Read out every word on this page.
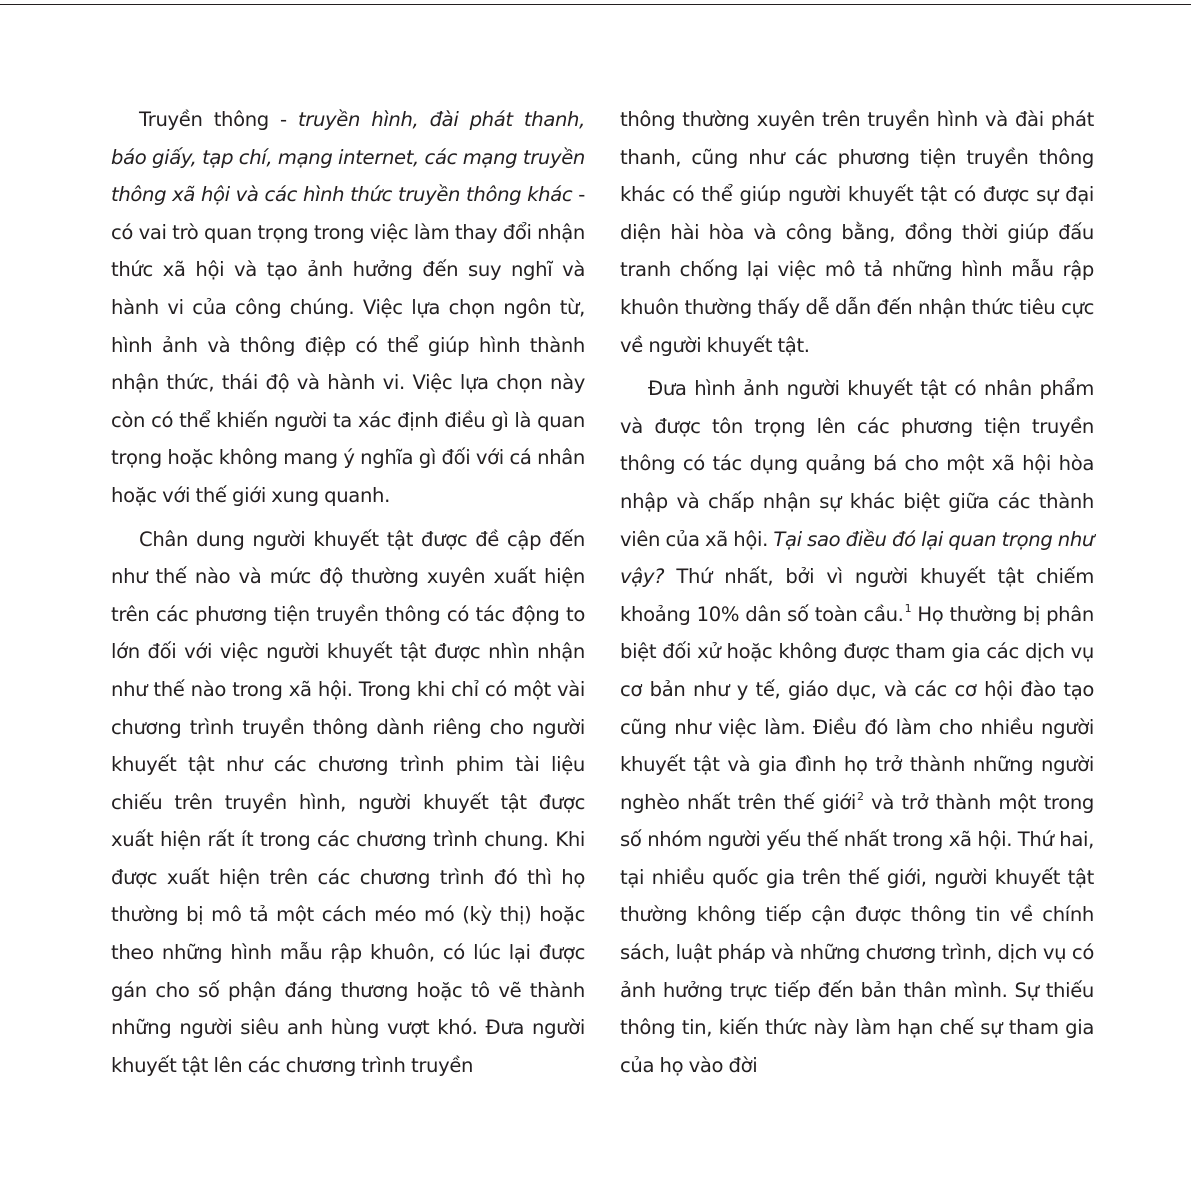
Truyền thông - truyền hình, đài phát thanh, báo giấy, tạp chí, mạng internet, các mạng truyền thông xã hội và các hình thức truyền thông khác - có vai trò quan trọng trong việc làm thay đổi nhận thức xã hội và tạo ảnh hưởng đến suy nghĩ và hành vi của công chúng. Việc lựa chọn ngôn từ, hình ảnh và thông điệp có thể giúp hình thành nhận thức, thái độ và hành vi. Việc lựa chọn này còn có thể khiến người ta xác định điều gì là quan trọng hoặc không mang ý nghĩa gì đối với cá nhân hoặc với thế giới xung quanh.

Chân dung người khuyết tật được đề cập đến như thế nào và mức độ thường xuyên xuất hiện trên các phương tiện truyền thông có tác động to lớn đối với việc người khuyết tật được nhìn nhận như thế nào trong xã hội. Trong khi chỉ có một vài chương trình truyền thông dành riêng cho người khuyết tật như các chương trình phim tài liệu chiếu trên truyền hình, người khuyết tật được xuất hiện rất ít trong các chương trình chung. Khi được xuất hiện trên các chương trình đó thì họ thường bị mô tả một cách méo mó (kỳ thị) hoặc theo những hình mẫu rập khuôn, có lúc lại được gán cho số phận đáng thương hoặc tô vẽ thành những người siêu anh hùng vượt khó. Đưa người khuyết tật lên các chương trình truyền

thông thường xuyên trên truyền hình và đài phát thanh, cũng như các phương tiện truyền thông khác có thể giúp người khuyết tật có được sự đại diện hài hòa và công bằng, đồng thời giúp đấu tranh chống lại việc mô tả những hình mẫu rập khuôn thường thấy dễ dẫn đến nhận thức tiêu cực về người khuyết tật.

Đưa hình ảnh người khuyết tật có nhân phẩm và được tôn trọng lên các phương tiện truyền thông có tác dụng quảng bá cho một xã hội hòa nhập và chấp nhận sự khác biệt giữa các thành viên của xã hội. Tại sao điều đó lại quan trọng như vậy? Thứ nhất, bởi vì người khuyết tật chiếm khoảng 10% dân số toàn cầu.$^1$ Họ thường bị phân biệt đối xử hoặc không được tham gia các dịch vụ cơ bản như y tế, giáo dục, và các cơ hội đào tạo cũng như việc làm. Điều đó làm cho nhiều người khuyết tật và gia đình họ trở thành những người nghèo nhất trên thế giới$^2$ và trở thành một trong số nhóm người yếu thế nhất trong xã hội. Thứ hai, tại nhiều quốc gia trên thế giới, người khuyết tật thường không tiếp cận được thông tin về chính sách, luật pháp và những chương trình, dịch vụ có ảnh hưởng trực tiếp đến bản thân mình. Sự thiếu thông tin, kiến thức này làm hạn chế sự tham gia của họ vào đời
